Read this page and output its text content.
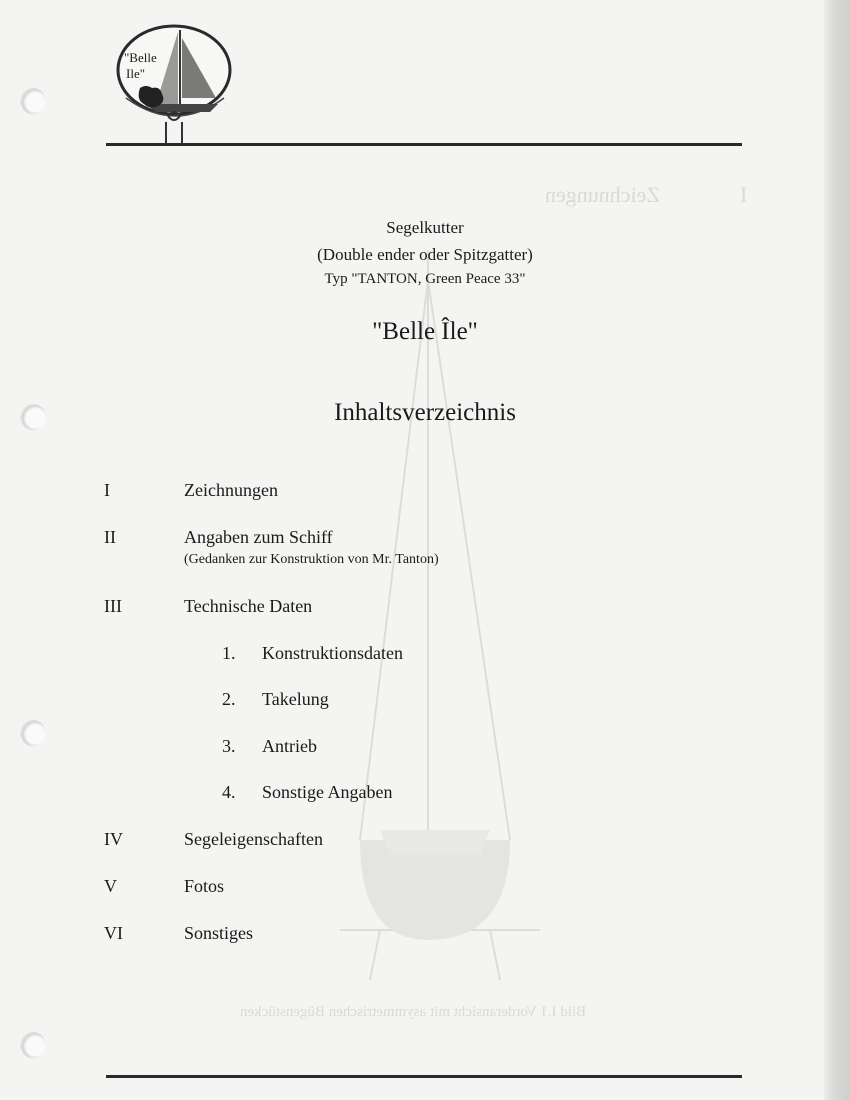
Zeichnungen	I
Bild I.1 Vorderansicht mit asymmetrischen Bügenstücken
"Belle
Ile"
Segelkutter
(Double ender oder Spitzgatter)
Typ "TANTON, Green Peace 33"
"Belle Île"
Inhaltsverzeichnis
I	Zeichnungen
II	Angaben zum Schiff
(Gedanken zur Konstruktion von Mr. Tanton)
III	Technische Daten
1. Konstruktionsdaten
2. Takelung
3. Antrieb
4. Sonstige Angaben
IV	Segeleigenschaften
V	Fotos
VI	Sonstiges
